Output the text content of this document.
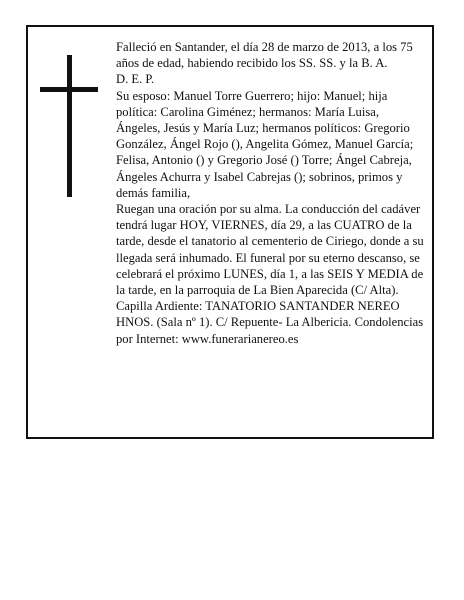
Falleció en Santander, el día 28 de marzo de 2013, a los 75 años de edad, habiendo recibido los SS. SS. y la B. A.

D. E. P.

Su esposo: Manuel Torre Guerrero; hijo: Manuel; hija política: Carolina Giménez; hermanos: María Luisa, Ángeles, Jesús y María Luz; hermanos políticos: Gregorio González, Ángel Rojo (), Angelita Gómez, Manuel García; Felisa, Antonio () y Gregorio José () Torre; Ángel Cabreja, Ángeles Achurra y Isabel Cabrejas (); sobrinos, primos y demás familia,

Ruegan una oración por su alma. La conducción del cadáver tendrá lugar HOY, VIERNES, día 29, a las CUATRO de la tarde, desde el tanatorio al cementerio de Ciriego, donde a su llegada será inhumado. El funeral por su eterno descanso, se celebrará el próximo LUNES, día 1, a las SEIS Y MEDIA de la tarde, en la parroquia de La Bien Aparecida (C/ Alta). Capilla Ardiente: TANATORIO SANTANDER NEREO HNOS. (Sala nº 1). C/ Repuente- La Albericia. Condolencias por Internet: www.funerarianereo.es
